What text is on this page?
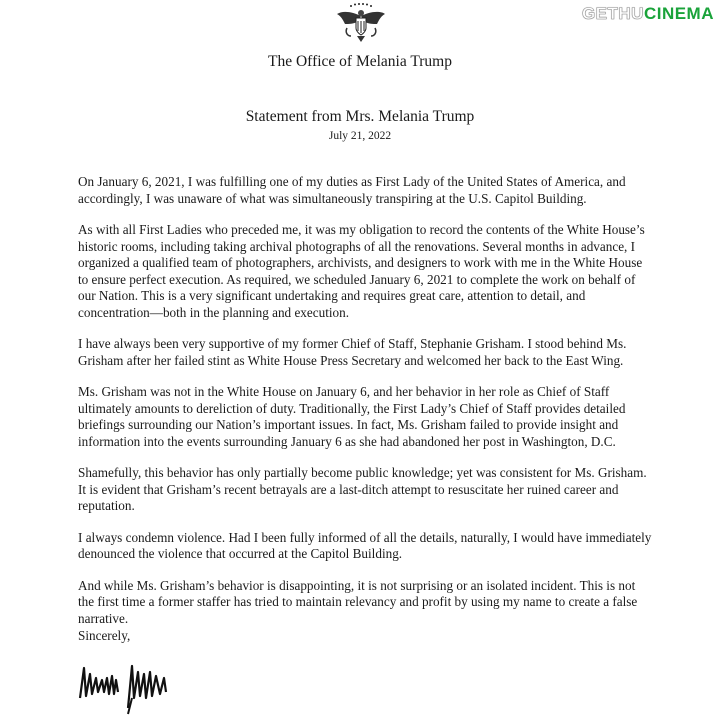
GETHUCINEMA
The Office of Melania Trump
Statement from Mrs. Melania Trump
July 21, 2022

On January 6, 2021, I was fulfilling one of my duties as First Lady of the United States of America, and accordingly, I was unaware of what was simultaneously transpiring at the U.S. Capitol Building.

As with all First Ladies who preceded me, it was my obligation to record the contents of the White House’s historic rooms, including taking archival photographs of all the renovations. Several months in advance, I organized a qualified team of photographers, archivists, and designers to work with me in the White House to ensure perfect execution. As required, we scheduled January 6, 2021 to complete the work on behalf of our Nation. This is a very significant undertaking and requires great care, attention to detail, and concentration—both in the planning and execution.

I have always been very supportive of my former Chief of Staff, Stephanie Grisham. I stood behind Ms. Grisham after her failed stint as White House Press Secretary and welcomed her back to the East Wing.

Ms. Grisham was not in the White House on January 6, and her behavior in her role as Chief of Staff ultimately amounts to dereliction of duty. Traditionally, the First Lady’s Chief of Staff provides detailed briefings surrounding our Nation’s important issues. In fact, Ms. Grisham failed to provide insight and information into the events surrounding January 6 as she had abandoned her post in Washington, D.C.

Shamefully, this behavior has only partially become public knowledge; yet was consistent for Ms. Grisham. It is evident that Grisham’s recent betrayals are a last-ditch attempt to resuscitate her ruined career and reputation.

I always condemn violence. Had I been fully informed of all the details, naturally, I would have immediately denounced the violence that occurred at the Capitol Building.

And while Ms. Grisham’s behavior is disappointing, it is not surprising or an isolated incident. This is not the first time a former staffer has tried to maintain relevancy and profit by using my name to create a false narrative.

Sincerely,
